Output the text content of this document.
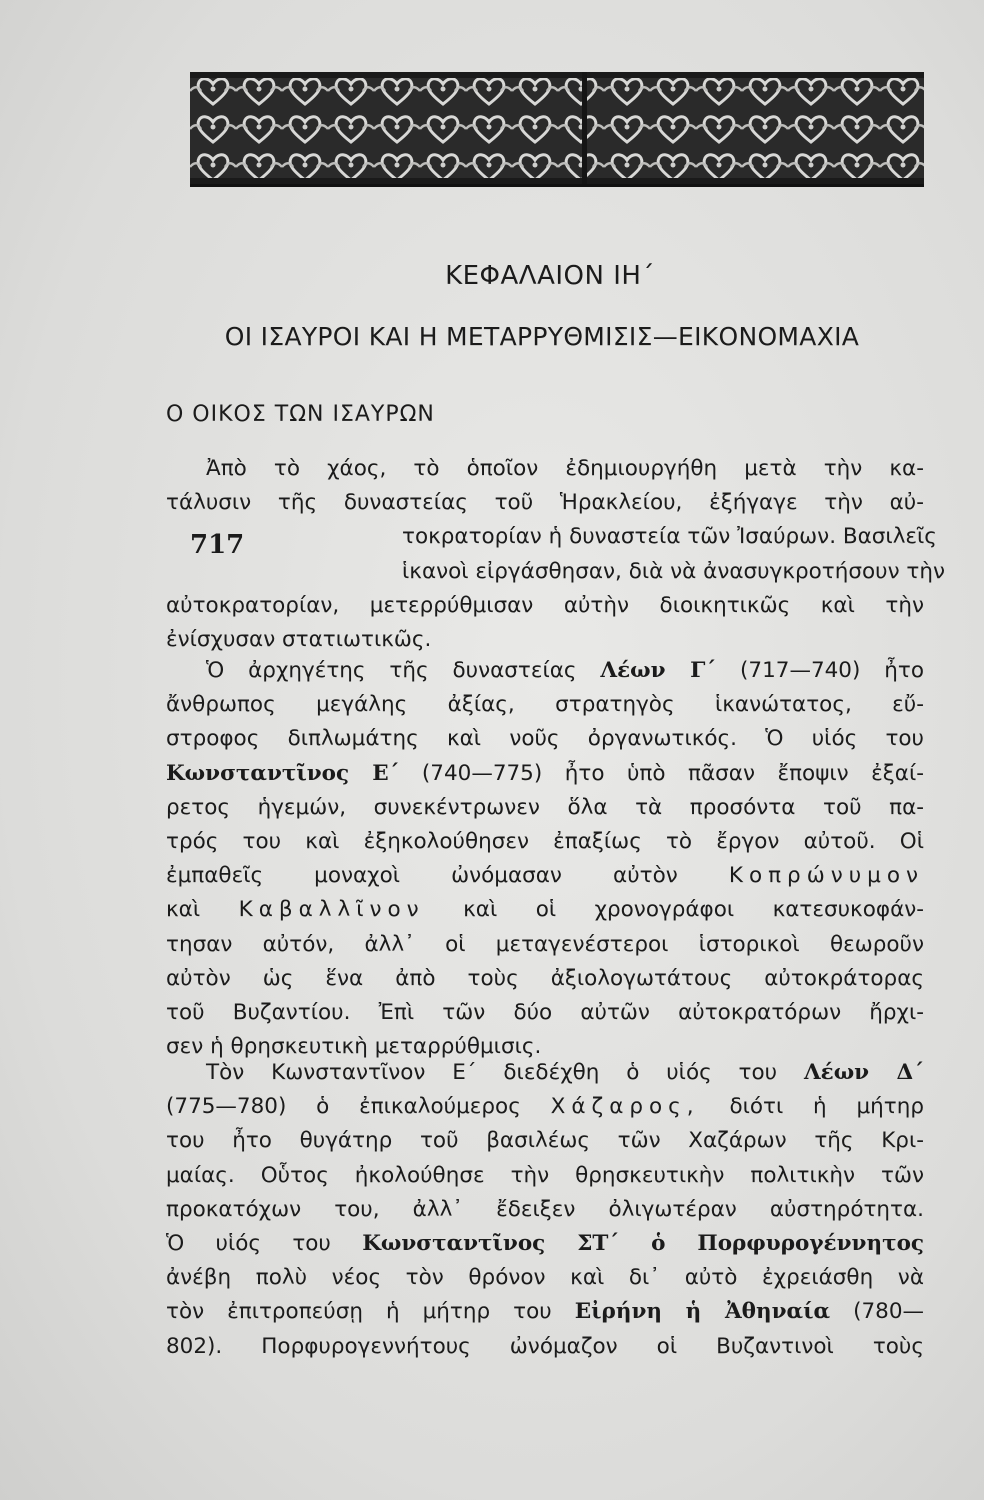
ΚΕΦΑΛΑΙΟΝ ΙΗ΄
ΟΙ ΙΣΑΥΡΟΙ ΚΑΙ Η ΜΕΤΑΡΡΥΘΜΙΣΙΣ—ΕΙΚΟΝΟΜΑΧΙΑ
Ο ΟΙΚΟΣ ΤΩΝ ΙΣΑΥΡΩΝ
717

Ἀπὸ τὸ χάος, τὸ ὁποῖον ἐδημιουργήθη μετὰ τὴν κα-
τάλυσιν τῆς δυναστείας τοῦ Ἡρακλείου, ἐξήγαγε τὴν αὐ-
τοκρατορίαν ἡ δυναστεία τῶν Ἰσαύρων. Βασιλεῖς
ἱκανοὶ εἰργάσθησαν, διὰ νὰ ἀνασυγκροτήσουν τὴν
αὐτοκρατορίαν, μετερρύθμισαν αὐτὴν διοικητικῶς καὶ τὴν
ἐνίσχυσαν στατιωτικῶς.

Ὁ ἀρχηγέτης τῆς δυναστείας Λέων Γ΄ (717—740) ἦτο
ἄνθρωπος μεγάλης ἀξίας, στρατηγὸς ἱκανώτατος, εὔ-
στροφος διπλωμάτης καὶ νοῦς ὀργανωτικός. Ὁ υἱός του
Κωνσταντῖνος Ε΄ (740—775) ἦτο ὑπὸ πᾶσαν ἔποψιν ἐξαί-
ρετος ἡγεμών, συνεκέντρωνεν ὅλα τὰ προσόντα τοῦ πα-
τρός του καὶ ἐξηκολούθησεν ἐπαξίως τὸ ἔργον αὐτοῦ. Οἱ
ἐμπαθεῖς μοναχοὶ ὠνόμασαν αὐτὸν Κοπρώνυμον
καὶ Καβαλλῖνον καὶ οἱ χρονογράφοι κατεσυκοφάν-
τησαν αὐτόν, ἀλλ᾽ οἱ μεταγενέστεροι ἱστορικοὶ θεωροῦν
αὐτὸν ὡς ἕνα ἀπὸ τοὺς ἀξιολογωτάτους αὐτοκράτορας
τοῦ Βυζαντίου. Ἐπὶ τῶν δύο αὐτῶν αὐτοκρατόρων ἤρχι-
σεν ἡ θρησκευτικὴ μεταρρύθμισις.

Τὸν Κωνσταντῖνον Ε΄ διεδέχθη ὁ υἱός του Λέων Δ΄
(775—780) ὁ ἐπικαλούμερος Χάζαρος, διότι ἡ μήτηρ
του ἦτο θυγάτηρ τοῦ βασιλέως τῶν Χαζάρων τῆς Κρι-
μαίας. Οὗτος ἠκολούθησε τὴν θρησκευτικὴν πολιτικὴν τῶν
προκατόχων του, ἀλλ᾽ ἔδειξεν ὀλιγωτέραν αὐστηρότητα.
Ὁ υἱός του Κωνσταντῖνος ΣΤ΄ ὁ Πορφυρογέννητος
ἀνέβη πολὺ νέος τὸν θρόνον καὶ δι᾽ αὐτὸ ἐχρειάσθη νὰ
τὸν ἐπιτροπεύσῃ ἡ μήτηρ του Εἰρήνη ἡ Ἀθηναία (780—
802). Πορφυρογεννήτους ὠνόμαζον οἱ Βυζαντινοὶ τοὺς
